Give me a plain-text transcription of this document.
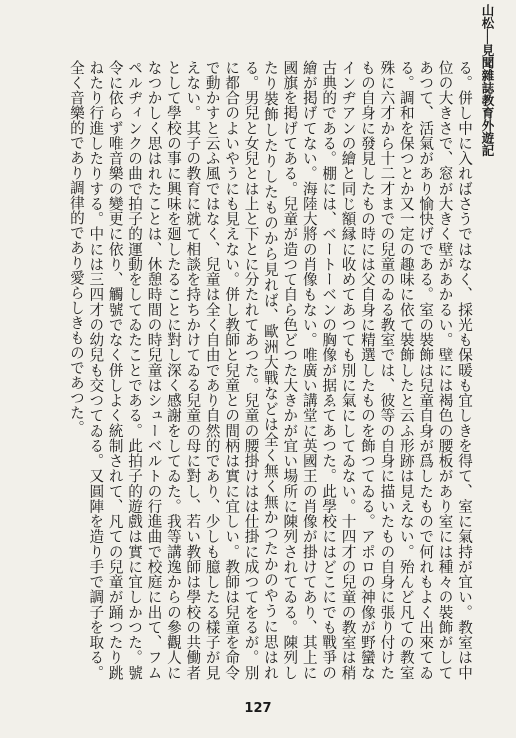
山松──見聞雜誌教育外遊記

る。併し中に入ればさうではなく、採光も保暖も宜しきを得て、室に氣持が宜い。教室は中位の大きさで、窓が大きく壁があかるい。壁には褐色の腰板があり室には種々の裝飾がしてあつて、活氣があり愉快げである。室の裝飾は兒童自身が爲したもので何れもよく出來てゐる。調和を保つとか又一定の趣味に依て裝飾したと云ふ形跡は見えない。殆んど凡ての教室殊に六才から十二才までの兒童のゐる教室では、彼等の自身に描いたもの自身に張り付けたもの自身に發見したもの時には父自身に精選したものを飾つてゐる。アポロの神像が野蠻なインヂアンの繪と同じ額縁に收めてあつても別に氣にしてゐない。十四才の兒童の教室は稍古典的である。棚には、ベートーベンの胸像が据ゑてあつた。此學校にはどこにでも戰爭の繪が掲げてない。海陸大將の肖像もない。唯廣い講堂に英國王の肖像が掛けてあり、其上に國旗を掲げてある。兒童が造つて自ら色どつた大きかが宜い場所に陳列されてゐる。陳列したり裝飾したりしたものから見れば、歐洲大戰などは全く無く無かつたかのやうに思はれる。男兒と女兒とは上と下とに分たれてあつた。兒童の腰掛けはは仕掛に成つてをるが。別に都合のよいやうにも見えない。併し教師と兒童との間柄は實に宜しい。教師は兒童を命令で動かすと云ふ風ではなく、兒童は全く自由であり自然的であり、少しも臆したる樣子が見えない。其子の教育に就て相談を持ちかけてゐる兒童の母に對し、若い教師は學校の共働者として學校の事に興味を廻したることに對し深く感謝をしてゐた。我等講逸からの參觀人になつかしく思はれたことは、休憩時間の時兒童はシューベルトの行進曲で校庭に出て、フムペルヂィンクの曲で拍子的運動をしてゐたことである。此拍子的遊戲は實に宜しかつた。號令に依らず唯音樂の變更に依り、觸號でなく併しよく統制されて、凡ての兒童が踊つたり跳ねたり行進したりする。中には三四才の幼兒も交つてゐる。又圓陣を造り手で調子を取る。全く音樂的であり調律的であり愛らしきものであつた。

127
